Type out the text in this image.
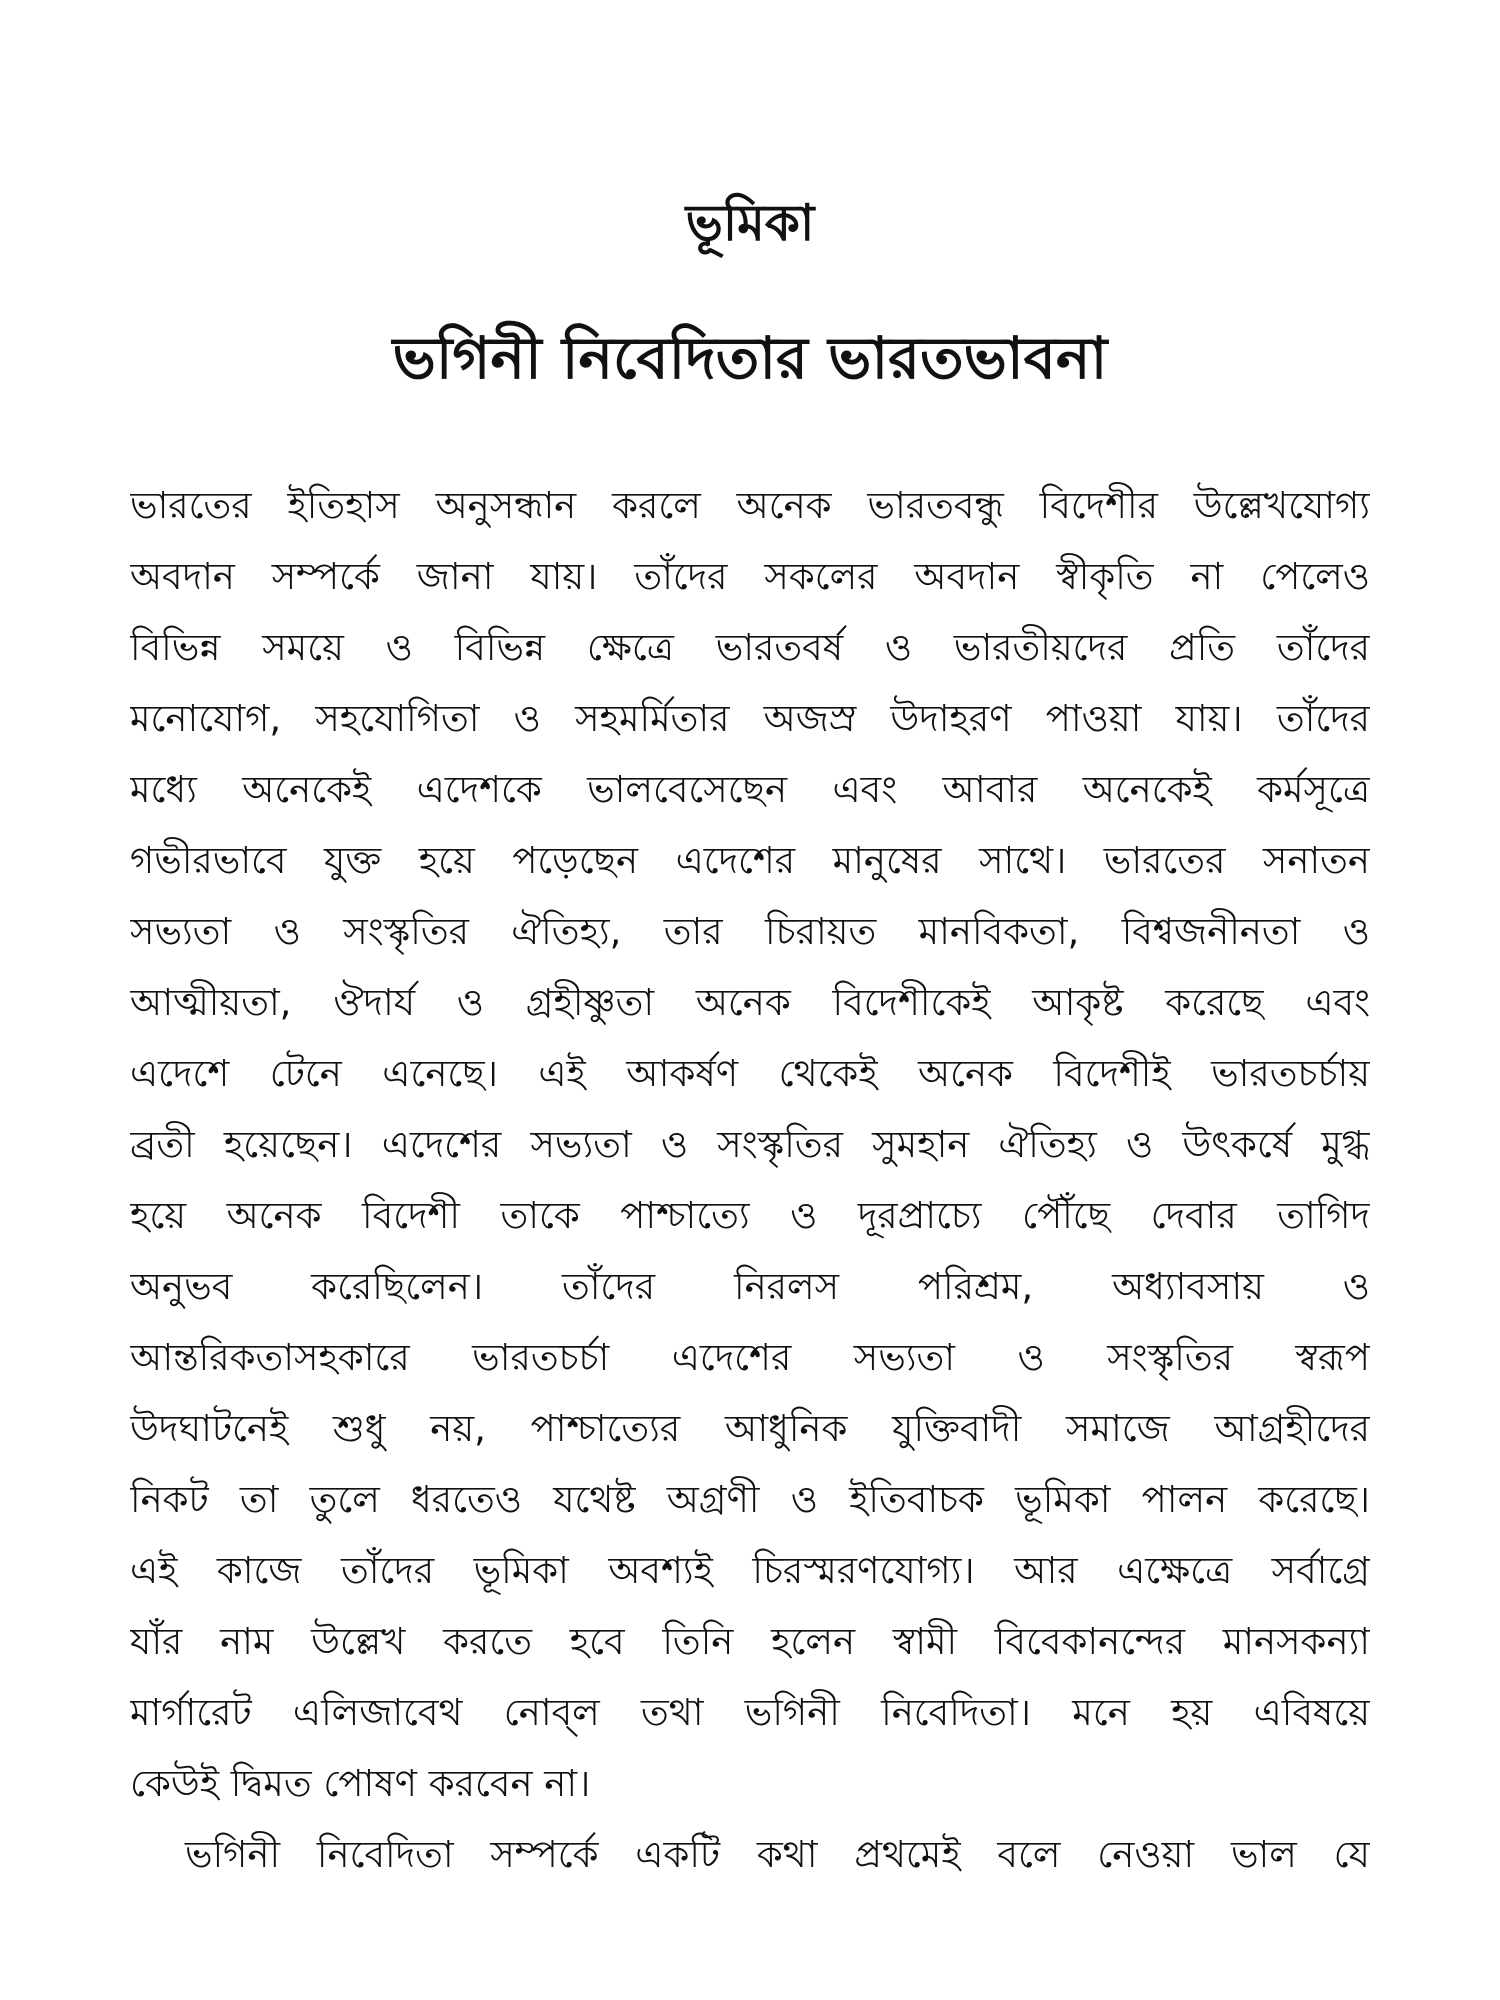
ভূমিকা
ভগিনী নিবেদিতার ভারতভাবনা
ভারতের ইতিহাস অনুসন্ধান করলে অনেক ভারতবন্ধু বিদেশীর উল্লেখযোগ্য
অবদান সম্পর্কে জানা যায়। তাঁদের সকলের অবদান স্বীকৃতি না পেলেও
বিভিন্ন সময়ে ও বিভিন্ন ক্ষেত্রে ভারতবর্ষ ও ভারতীয়দের প্রতি তাঁদের
মনোযোগ, সহযোগিতা ও সহমর্মিতার অজস্র উদাহরণ পাওয়া যায়। তাঁদের
মধ্যে অনেকেই এদেশকে ভালবেসেছেন এবং আবার অনেকেই কর্মসূত্রে
গভীরভাবে যুক্ত হয়ে পড়েছেন এদেশের মানুষের সাথে। ভারতের সনাতন
সভ্যতা ও সংস্কৃতির ঐতিহ্য, তার চিরায়ত মানবিকতা, বিশ্বজনীনতা ও
আত্মীয়তা, ঔদার্য ও গ্রহীষ্ণুতা অনেক বিদেশীকেই আকৃষ্ট করেছে এবং
এদেশে টেনে এনেছে। এই আকর্ষণ থেকেই অনেক বিদেশীই ভারতচর্চায়
ব্রতী হয়েছেন। এদেশের সভ্যতা ও সংস্কৃতির সুমহান ঐতিহ্য ও উৎকর্ষে মুগ্ধ
হয়ে অনেক বিদেশী তাকে পাশ্চাত্যে ও দূরপ্রাচ্যে পৌঁছে দেবার তাগিদ
অনুভব করেছিলেন। তাঁদের নিরলস পরিশ্রম, অধ্যাবসায় ও
আন্তরিকতাসহকারে ভারতচর্চা এদেশের সভ্যতা ও সংস্কৃতির স্বরূপ
উদঘাটনেই শুধু নয়, পাশ্চাত্যের আধুনিক যুক্তিবাদী সমাজে আগ্রহীদের
নিকট তা তুলে ধরতেও যথেষ্ট অগ্রণী ও ইতিবাচক ভূমিকা পালন করেছে।
এই কাজে তাঁদের ভূমিকা অবশ্যই চিরস্মরণযোগ্য। আর এক্ষেত্রে সর্বাগ্রে
যাঁর নাম উল্লেখ করতে হবে তিনি হলেন স্বামী বিবেকানন্দের মানসকন্যা
মার্গারেট এলিজাবেথ নোব্‌ল তথা ভগিনী নিবেদিতা। মনে হয় এবিষয়ে
কেউই দ্বিমত পোষণ করবেন না।
ভগিনী নিবেদিতা সম্পর্কে একটি কথা প্রথমেই বলে নেওয়া ভাল যে
